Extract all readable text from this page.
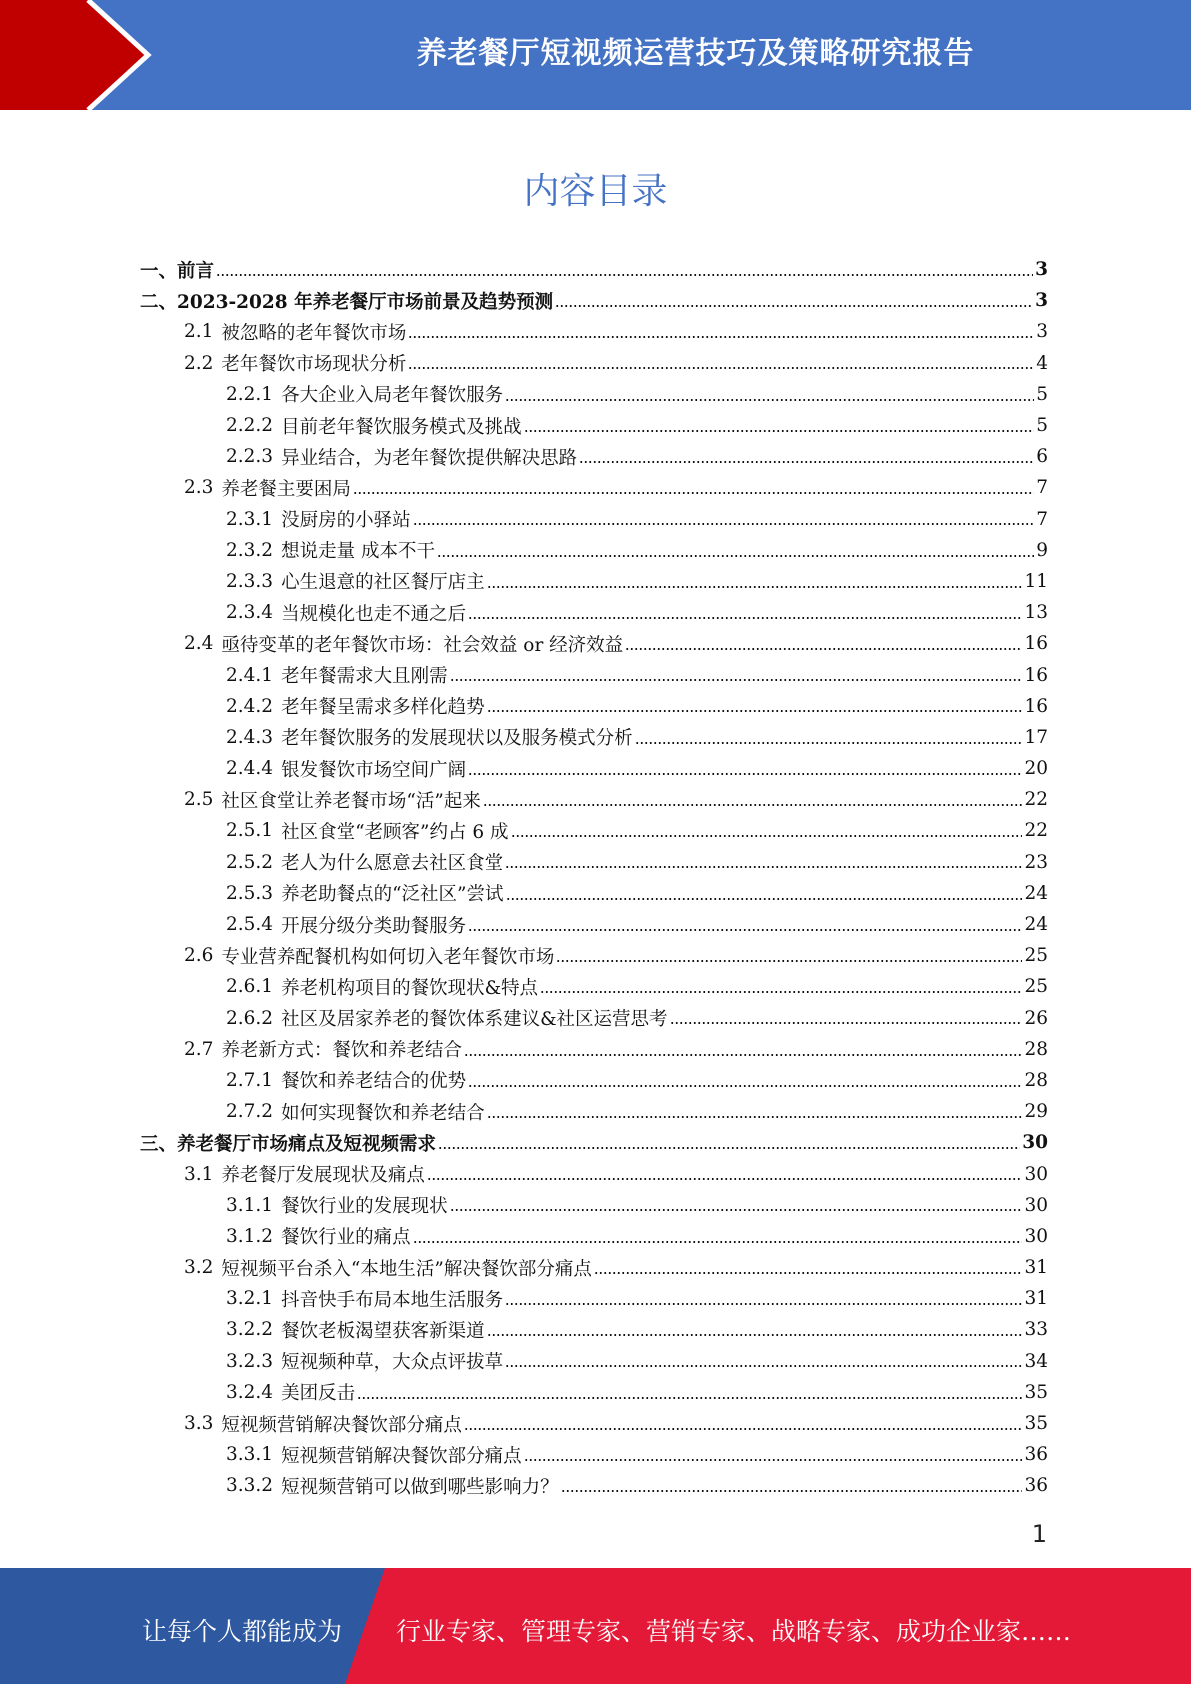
养老餐厅短视频运营技巧及策略研究报告
内容目录
一、前言	3
二、2023-2028 年养老餐厅市场前景及趋势预测	3
2.1 被忽略的老年餐饮市场	3
2.2 老年餐饮市场现状分析	4
2.2.1 各大企业入局老年餐饮服务	5
2.2.2 目前老年餐饮服务模式及挑战	5
2.2.3 异业结合，为老年餐饮提供解决思路	6
2.3 养老餐主要困局	7
2.3.1 没厨房的小驿站	7
2.3.2 想说走量 成本不干	9
2.3.3 心生退意的社区餐厅店主	11
2.3.4 当规模化也走不通之后	13
2.4 亟待变革的老年餐饮市场：社会效益 or 经济效益	16
2.4.1 老年餐需求大且刚需	16
2.4.2 老年餐呈需求多样化趋势	16
2.4.3 老年餐饮服务的发展现状以及服务模式分析	17
2.4.4 银发餐饮市场空间广阔	20
2.5 社区食堂让养老餐市场“活”起来	22
2.5.1 社区食堂“老顾客”约占 6 成	22
2.5.2 老人为什么愿意去社区食堂	23
2.5.3 养老助餐点的“泛社区”尝试	24
2.5.4 开展分级分类助餐服务	24
2.6 专业营养配餐机构如何切入老年餐饮市场	25
2.6.1 养老机构项目的餐饮现状&特点	25
2.6.2 社区及居家养老的餐饮体系建议&社区运营思考	26
2.7 养老新方式：餐饮和养老结合	28
2.7.1 餐饮和养老结合的优势	28
2.7.2 如何实现餐饮和养老结合	29
三、养老餐厅市场痛点及短视频需求	30
3.1 养老餐厅发展现状及痛点	30
3.1.1 餐饮行业的发展现状	30
3.1.2 餐饮行业的痛点	30
3.2 短视频平台杀入“本地生活”解决餐饮部分痛点	31
3.2.1 抖音快手布局本地生活服务	31
3.2.2 餐饮老板渴望获客新渠道	33
3.2.3 短视频种草，大众点评拔草	34
3.2.4 美团反击	35
3.3 短视频营销解决餐饮部分痛点	35
3.3.1 短视频营销解决餐饮部分痛点	36
3.3.2 短视频营销可以做到哪些影响力？	36
1
让每个人都能成为 行业专家、管理专家、营销专家、战略专家、成功企业家……
